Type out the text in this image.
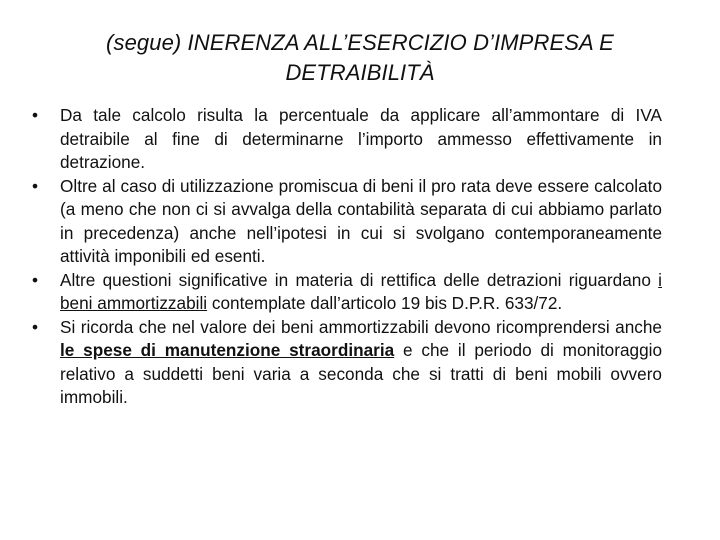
(segue) INERENZA ALL’ESERCIZIO D’IMPRESA E
DETRAIBILITÀ
• Da tale calcolo risulta la percentuale da applicare all’ammontare di IVA detraibile al fine di determinarne l’importo ammesso effettivamente in detrazione.
• Oltre al caso di utilizzazione promiscua di beni il pro rata deve essere calcolato (a meno che non ci si avvalga della contabilità separata di cui abbiamo parlato in precedenza) anche nell’ipotesi in cui si svolgano contemporaneamente attività imponibili ed esenti.
• Altre questioni significative in materia di rettifica delle detrazioni riguardano i beni ammortizzabili contemplate dall’articolo 19 bis D.P.R. 633/72.
• Si ricorda che nel valore dei beni ammortizzabili devono ricomprendersi anche le spese di manutenzione straordinaria e che il periodo di monitoraggio relativo a suddetti beni varia a seconda che si tratti di beni mobili ovvero immobili.
